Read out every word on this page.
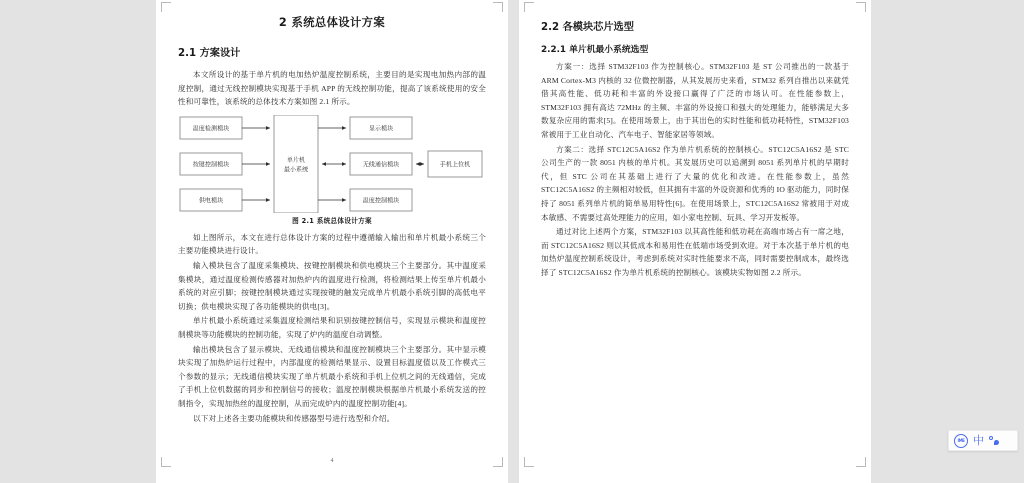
2 系统总体设计方案
2.1 方案设计

本文所设计的基于单片机的电加热炉温度控制系统，主要目的是实现电加热内部的温度控制，通过无线控制模块实现基于手机 APP 的无线控制功能，提高了该系统使用的安全性和可靠性，该系统的总体技术方案如图 2.1 所示。

温度检测模块
按键控制模块
供电模块
单片机
最小系统
显示模块
无线通信模块
温度控制模块
手机上位机
图 2.1 系统总体设计方案

如上图所示，本文在进行总体设计方案的过程中遵循输入输出和单片机最小系统三个主要功能模块进行设计。

输入模块包含了温度采集模块、按键控制模块和供电模块三个主要部分。其中温度采集模块，通过温度检测传感器对加热炉内的温度进行检测，将检测结果上传至单片机最小系统的对应引脚；按键控制模块通过实现按键的触发完成单片机最小系统引脚的高低电平切换；供电模块实现了各功能模块的供电[3]。

单片机最小系统通过采集温度检测结果和识别按键控制信号，实现显示模块和温度控制模块等功能模块的控制功能，实现了炉内的温度自动调整。

输出模块包含了显示模块、无线通信模块和温度控制模块三个主要部分。其中显示模块实现了加热炉运行过程中，内部温度的检测结果显示、设置目标温度值以及工作模式三个参数的显示；无线通信模块实现了单片机最小系统和手机上位机之间的无线通信，完成了手机上位机数据的同步和控制信号的接收；温度控制模块根据单片机最小系统发送的控制指令，实现加热丝的温度控制，从而完成炉内的温度控制功能[4]。

以下对上述各主要功能模块和传感器型号进行选型和介绍。

4
2.2 各模块芯片选型
2.2.1 单片机最小系统选型

方案一：选择 STM32F103 作为控制核心。STM32F103 是 ST 公司推出的一款基于 ARM Cortex-M3 内核的 32 位微控制器，从其发展历史来看，STM32 系列自推出以来就凭借其高性能、低功耗和丰富的外设接口赢得了广泛的市场认可。在性能参数上，STM32F103 拥有高达 72MHz 的主频、丰富的外设接口和强大的处理能力，能够满足大多数复杂应用的需求[5]。在使用场景上，由于其出色的实时性能和低功耗特性，STM32F103 常被用于工业自动化、汽车电子、智能家居等领域。

方案二：选择 STC12C5A16S2 作为单片机系统的控制核心。STC12C5A16S2 是 STC 公司生产的一款 8051 内核的单片机。其发展历史可以追溯到 8051 系列单片机的早期时代，但 STC 公司在其基础上进行了大量的优化和改进。在性能参数上，虽然 STC12C5A16S2 的主频相对较低，但其拥有丰富的外设资源和优秀的 IO 驱动能力，同时保持了 8051 系列单片机的简单易用特性[6]。在使用场景上，STC12C5A16S2 常被用于对成本敏感、不需要过高处理能力的应用，如小家电控制、玩具、学习开发板等。

通过对比上述两个方案，STM32F103 以其高性能和低功耗在高端市场占有一席之地，而 STC12C5A16S2 则以其低成本和易用性在低端市场受到欢迎。对于本次基于单片机的电加热炉温度控制系统设计，考虑到系统对实时性能要求不高，同时需要控制成本，最终选择了 STC12C5A16S2 作为单片机系统的控制核心。该模块实物如图 2.2 所示。

IME 中
